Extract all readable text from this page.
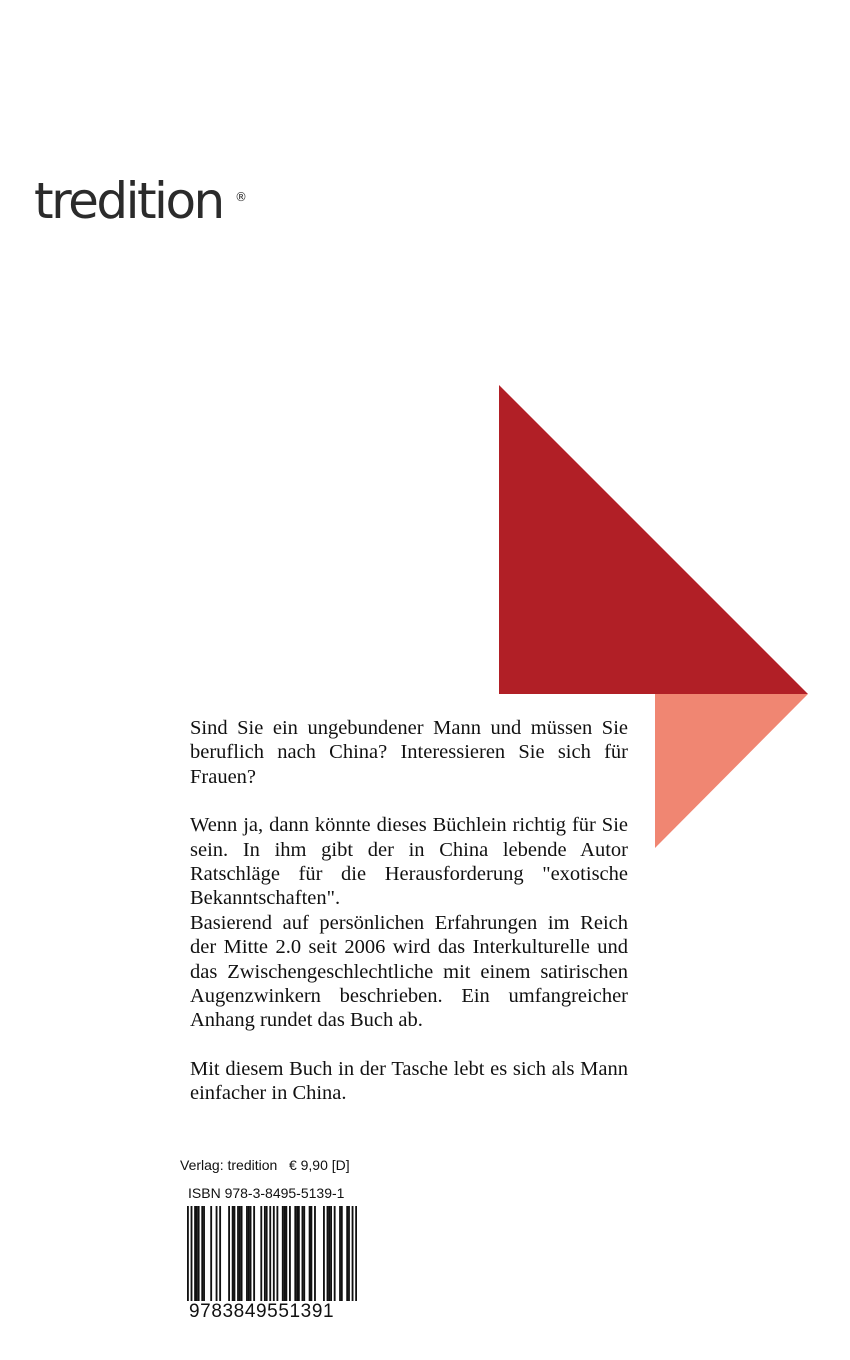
tredition ®

Sind Sie ein ungebundener Mann und müssen Sie beruflich nach China? Interessieren Sie sich für Frauen?

Wenn ja, dann könnte dieses Büchlein richtig für Sie sein. In ihm gibt der in China lebende Autor Ratschläge für die Herausforderung "exotische Bekanntschaften".

Basierend auf persönlichen Erfahrungen im Reich der Mitte 2.0 seit 2006 wird das Interkulturelle und das Zwischengeschlechtliche mit einem satirischen Augenzwinkern beschrieben. Ein umfangreicher Anhang rundet das Buch ab.

Mit diesem Buch in der Tasche lebt es sich als Mann einfacher in China.

Verlag: tredition   € 9,90 [D]
ISBN 978-3-8495-5139-1
9783849551391
